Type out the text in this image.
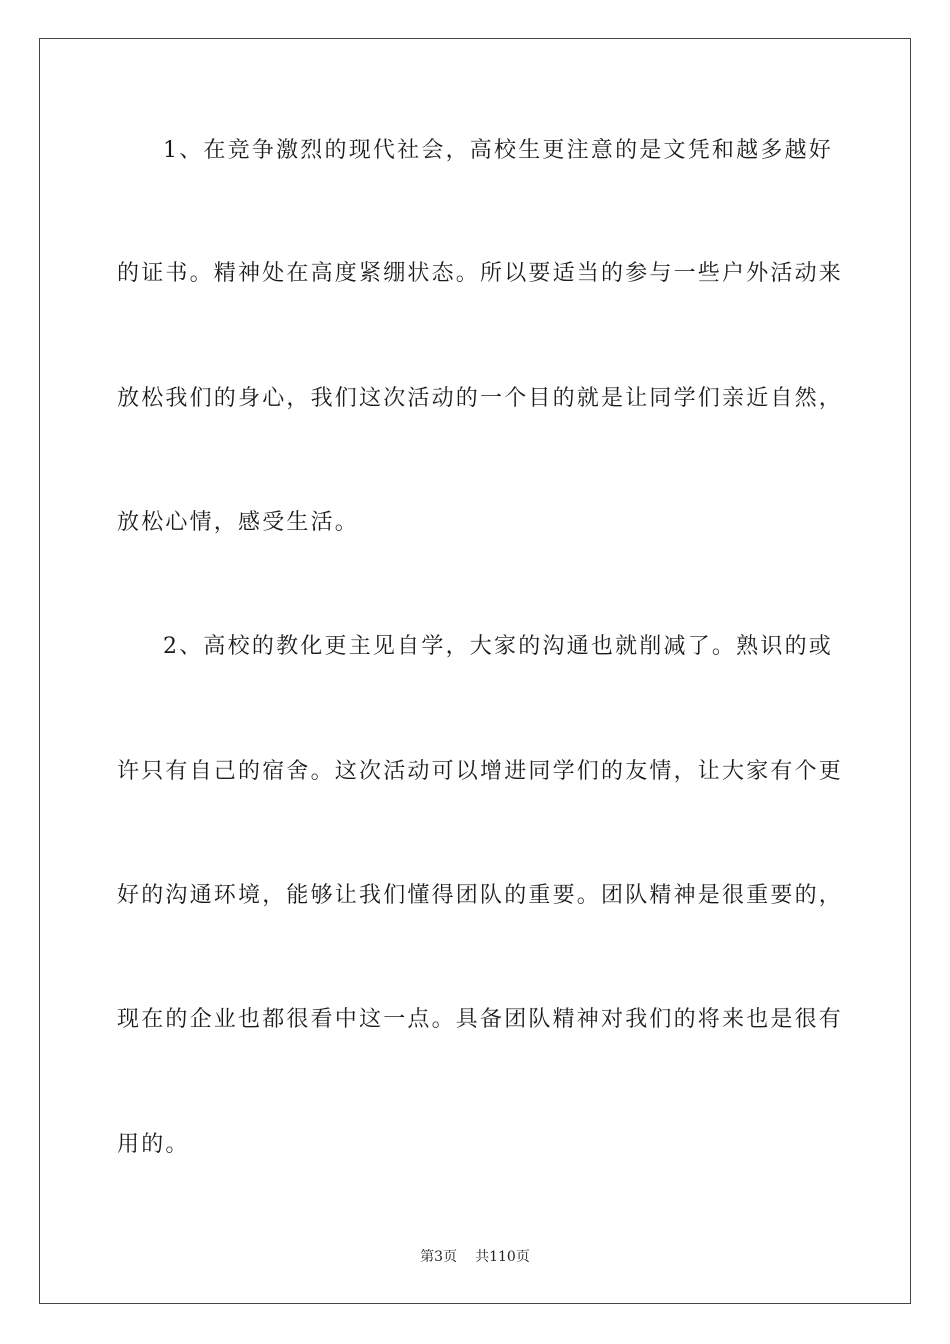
1、在竞争激烈的现代社会，高校生更注意的是文凭和越多越好
的证书。精神处在高度紧绷状态。所以要适当的参与一些户外活动来
放松我们的身心，我们这次活动的一个目的就是让同学们亲近自然，
放松心情，感受生活。
2、高校的教化更主见自学，大家的沟通也就削减了。熟识的或
许只有自己的宿舍。这次活动可以增进同学们的友情，让大家有个更
好的沟通环境，能够让我们懂得团队的重要。团队精神是很重要的，
现在的企业也都很看中这一点。具备团队精神对我们的将来也是很有
用的。
第3页 共110页
